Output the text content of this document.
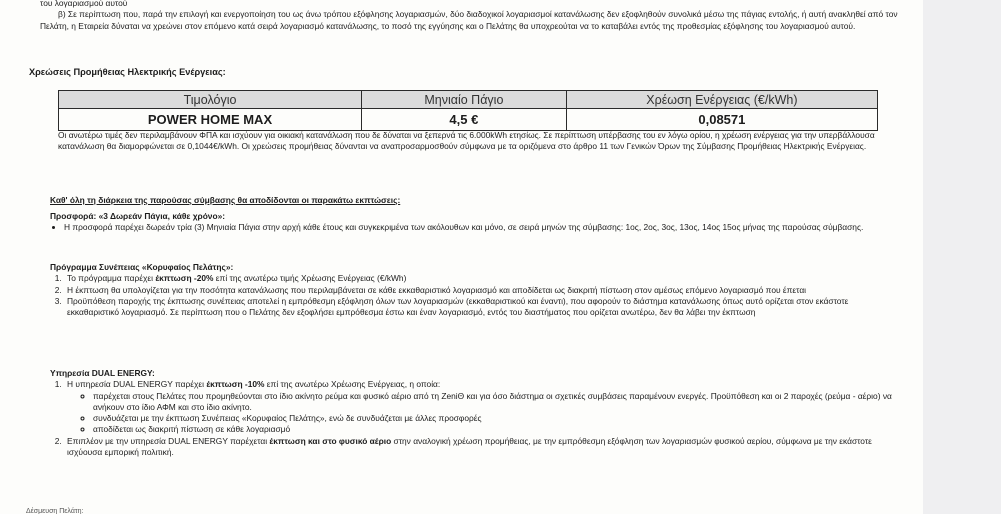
του λογαριασμού αυτού

β) Σε περίπτωση που, παρά την επιλογή και ενεργοποίηση του ως άνω τρόπου εξόφλησης λογαριασμών, δύο διαδοχικοί λογαριασμοί κατανάλωσης δεν εξοφληθούν συνολικά μέσω της πάγιας εντολής, ή αυτή ανακληθεί από τον Πελάτη, η Εταιρεία δύναται να χρεώνει στον επόμενο κατά σειρά λογαριασμό κατανάλωσης, το ποσό της εγγύησης και ο Πελάτης θα υποχρεούται να το καταβάλει εντός της προθεσμίας εξόφλησης του λογαριασμού αυτού.

Χρεώσεις Προμήθειας Ηλεκτρικής Ενέργειας:
Τιμολόγιο	Μηνιαίο Πάγιο	Χρέωση Ενέργειας (€/kWh)
POWER HOME MAX	4,5 €	0,08571

Οι ανωτέρω τιμές δεν περιλαμβάνουν ΦΠΑ και ισχύουν για οικιακή κατανάλωση που δε δύναται να ξεπερνά τις 6.000kWh ετησίως. Σε περίπτωση υπέρβασης του εν λόγω ορίου, η χρέωση ενέργειας για την υπερβάλλουσα κατανάλωση θα διαμορφώνεται σε 0,1044€/kWh. Οι χρεώσεις προμήθειας δύνανται να αναπροσαρμοσθούν σύμφωνα με τα οριζόμενα στο άρθρο 11 των Γενικών Όρων της Σύμβασης Προμήθειας Ηλεκτρικής Ενέργειας.

Καθ' όλη τη διάρκεια της παρούσας σύμβασης θα αποδίδονται οι παρακάτω εκπτώσεις:

Προσφορά: «3 Δωρεάν Πάγια, κάθε χρόνο»:

• Η προσφορά παρέχει δωρεάν τρία (3) Μηνιαία Πάγια στην αρχή κάθε έτους και συγκεκριμένα των ακόλουθων και μόνο, σε σειρά μηνών της σύμβασης: 1ος, 2ος, 3ος, 13ος, 14ος 15ος μήνας της παρούσας σύμβασης.

Πρόγραμμα Συνέπειας «Κορυφαίος Πελάτης»:

1. Το πρόγραμμα παρέχει έκπτωση -20% επί της ανωτέρω τιμής Χρέωσης Ενέργειας (€/kWh)
2. Η έκπτωση θα υπολογίζεται για την ποσότητα κατανάλωσης που περιλαμβάνεται σε κάθε εκκαθαριστικό λογαριασμό και αποδίδεται ως διακριτή πίστωση στον αμέσως επόμενο λογαριασμό που έπεται
3. Προϋπόθεση παροχής της έκπτωσης συνέπειας αποτελεί η εμπρόθεσμη εξόφληση όλων των λογαριασμών (εκκαθαριστικού και έναντι), που αφορούν το διάστημα κατανάλωσης όπως αυτό ορίζεται στον εκάστοτε εκκαθαριστικό λογαριασμό. Σε περίπτωση που ο Πελάτης δεν εξοφλήσει εμπρόθεσμα έστω και έναν λογαριασμό, εντός του διαστήματος που ορίζεται ανωτέρω, δεν θα λάβει την έκπτωση

Υπηρεσία DUAL ENERGY:

1. Η υπηρεσία DUAL ENERGY παρέχει έκπτωση -10% επί της ανωτέρω Χρέωσης Ενέργειας, η οποία:
◦ παρέχεται στους Πελάτες που προμηθεύονται στο ίδιο ακίνητο ρεύμα και φυσικό αέριο από τη ZeniΘ και για όσο διάστημα οι σχετικές συμβάσεις παραμένουν ενεργές. Προϋπόθεση και οι 2 παροχές (ρεύμα - αέριο) να ανήκουν στο ίδιο ΑΦΜ και στο ίδιο ακίνητο.
◦ συνδυάζεται με την έκπτωση Συνέπειας «Κορυφαίος Πελάτης», ενώ δε συνδυάζεται με άλλες προσφορές
◦ αποδίδεται ως διακριτή πίστωση σε κάθε λογαριασμό
2. Επιπλέον με την υπηρεσία DUAL ENERGY παρέχεται έκπτωση και στο φυσικό αέριο στην αναλογική χρέωση προμήθειας, με την εμπρόθεσμη εξόφληση των λογαριασμών φυσικού αερίου, σύμφωνα με την εκάστοτε ισχύουσα εμπορική πολιτική.
Δέσμευση Πελάτη:
